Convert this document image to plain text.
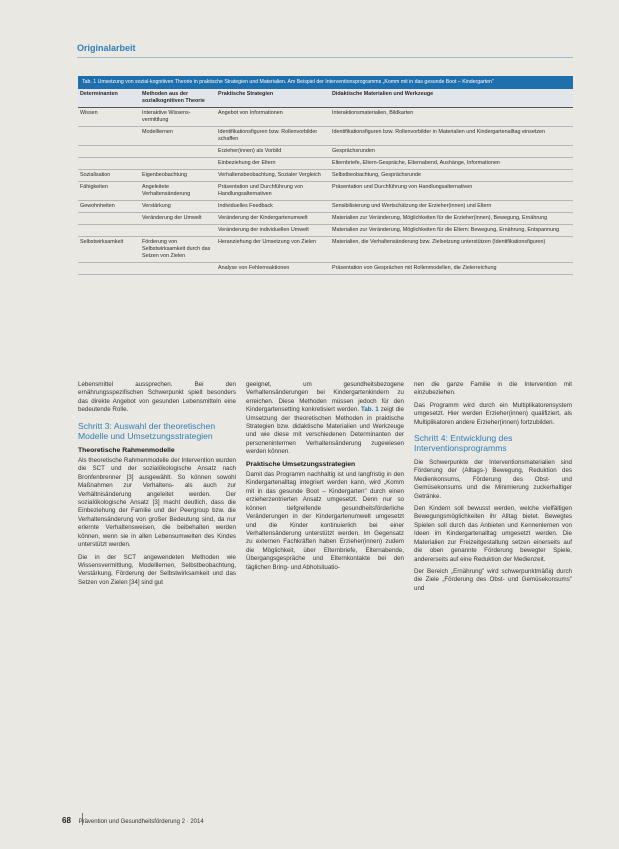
Originalarbeit
Tab. 1 Umsetzung von sozial-kognitiven Theorie in praktische Strategien und Materialien. Am Beispiel der Interventionsprogramms „Komm mit in das gesunde Boot – Kindergarten"
Determinanten	Methoden aus der sozialkognitiven Theorie	Praktische Strategien	Didaktische Materialien und Werkzeuge
Wissen	Interaktive Wissens-vermittlung	Angebot von Informationen	Interaktionsmaterialien, Bildkarten
	Modelllernen	Identifikationsfiguren bzw. Rollenvorbilder schaffen	Identifikationsfiguren bzw. Rollenvorbilder in Materialien und Kindergartenalltag einsetzen
		Erzieher(innen) als Vorbild	Gesprächsrunden
		Einbeziehung der Eltern	Elternbriefe, Eltern-Gespräche, Elternabend, Aushänge, Informationen
Sozialisation	Eigenbeobachtung	Verhaltensbeobachtung, Sozialer Vergleich	Selbstbeobachtung, Gesprächsrunde
Fähigkeiten	Angeleitete Verhaltensänderung	Präsentation und Durchführung von Handlungsalternativen	Präsentation und Durchführung von Handlungsalternativen
Gewohnheiten	Verstärkung	Individuelles Feedback	Sensibilisierung und Wertschätzung der Erzieher(innen) und Eltern
	Veränderung der Umwelt	Veränderung der Kindergartenumwelt	Materialien zur Veränderung, Möglichkeiten für die Erzieher(innen), Bewegung, Ernährung
		Veränderung der individuellen Umwelt	Materialien zur Veränderung, Möglichkeiten für die Eltern: Bewegung, Ernährung, Entspannung
Selbstwirksamkeit	Förderung von Selbstwirksamkeit durch das Setzen von Zielen	Heranziehung der Umsetzung von Zielen	Materialien, die Verhaltensänderung bzw. Zielsetzung unterstützen (Identifikationsfiguren)
		Analyse von Fehlerreaktionen	Präsentation von Gesprächen mit Rollenmodellen, die Zielerreichung

Lebensmittel aussprechen. Bei den ernährungsspezifischen Schwerpunkt spielt besonders das direkte Angebot von gesunden Lebensmitteln eine bedeutende Rolle.

Schritt 3: Auswahl der theoretischen Modelle und Umsetzungsstrategien
Theoretische Rahmenmodelle

Als theoretische Rahmenmodelle der Intervention wurden die SCT und der sozialökologische Ansatz nach Bronfenbrenner [3] ausgewählt. So können sowohl Maßnahmen zur Verhaltens- als auch zur Verhältnisänderung angeleitet werden. Der sozialökologische Ansatz [3] macht deutlich, dass die Einbeziehung der Familie und der Peergroup bzw. die Verhaltensänderung von großer Bedeutung sind, da nur erlernte Verhaltensweisen, die beibehalten werden können, wenn sie in allen Lebensumwelten des Kindes unterstützt werden.

Die in der SCT angewendeten Methoden wie Wissensvermittlung, Modelllernen, Selbstbeobachtung, Verstärkung, Förderung der Selbstwirksamkeit und das Setzen von Zielen [34] sind gut

geeignet, um gesundheitsbezogene Verhaltensänderungen bei Kindergartenkindern zu erreichen. Diese Methoden müssen jedoch für den Kindergartensetting konkretisiert werden. Tab. 1 zeigt die Umsetzung der theoretischen Methoden in praktische Strategien bzw. didaktische Materialien und Werkzeuge und wie diese mit verschiedenen Determinanten der personenintermen Verhaltensänderung zugewiesen werden können.

Praktische Umsetzungsstrategien

Damit das Programm nachhaltig ist und langfristig in den Kindergartenalltag integriert werden kann, wird „Komm mit in das gesunde Boot – Kindergarten" durch einen erzieherzentrierten Ansatz umgesetzt. Denn nur so können tiefgreifende gesundheitsförderliche Veränderungen in der Kindergartenumwelt umgesetzt und die Kinder kontinuierlich bei einer Verhaltensänderung unterstützt werden. Im Gegensatz zu externen Fachkräften haben Erzieher(innen) zudem die Möglichkeit, über Elternbriefe, Elternabende, Übergangsgespräche und Elternkontakte bei den täglichen Bring- und Abholsituatio-

nen die ganze Familie in die Intervention mit einzubeziehen.

Das Programm wird durch ein Multiplikatorensystem umgesetzt. Hier werden Erzieher(innen) qualifiziert, als Multiplikatoren andere Erzieher(innen) fortzubilden.

Schritt 4: Entwicklung des Interventionsprogramms

Die Schwerpunkte der Interventionsmaterialien sind Förderung der (Alltags-) Bewegung, Reduktion des Medienkonsums, Förderung des Obst- und Gemüsekonsums und die Minimierung zuckerhaltiger Getränke.

Den Kindern soll bewusst werden, welche vielfältigen Bewegungsmöglichkeiten ihr Alltag bietet. Bewegtes Spielen soll durch das Anbieten und Kennenlernen von Ideen im Kindergartenalltag umgesetzt werden. Die Materialien zur Freizeitgestaltung setzen einerseits auf die oben genannte Förderung bewegter Spiele, andererseits auf eine Reduktion der Medienzeit.

Der Bereich „Ernährung" wird schwerpunktmäßig durch die Ziele „Förderung des Obst- und Gemüsekonsums" und

68 Prävention und Gesundheitsförderung 2 · 2014
